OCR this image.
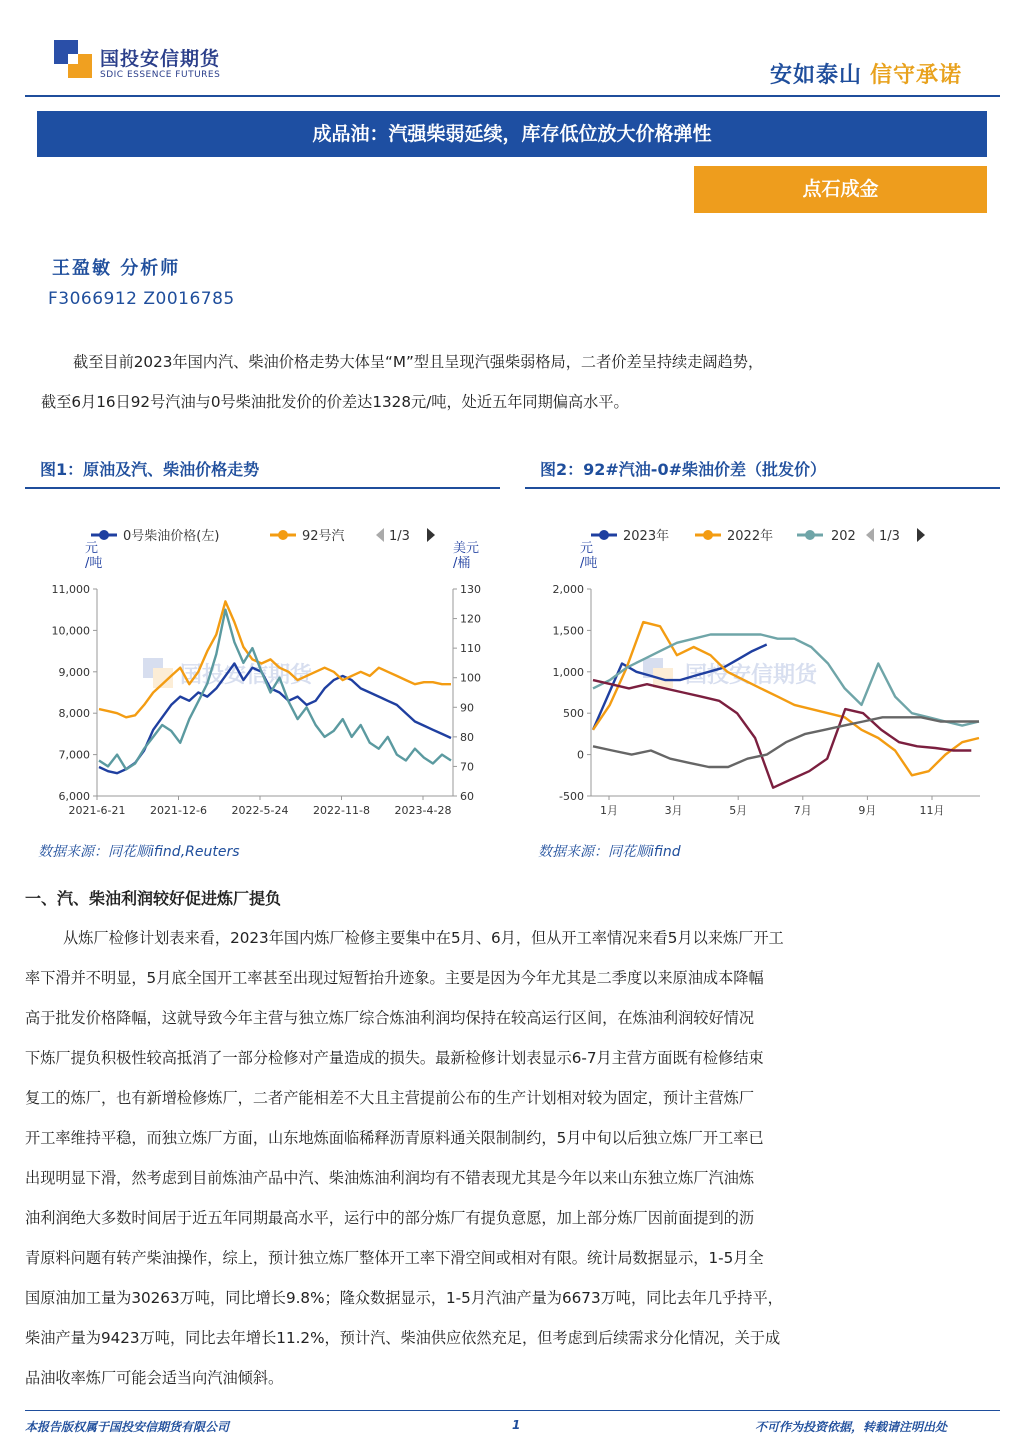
国投安信期货
SDIC ESSENCE FUTURES	安如泰山 信守承诺
成品油：汽强柴弱延续，库存低位放大价格弹性
点石成金
王盈敏 分析师
F3066912 Z0016785
截至目前2023年国内汽、柴油价格走势大体呈“M”型且呈现汽强柴弱格局，二者价差呈持续走阔趋势，
截至6月16日92号汽油与0号柴油批发价的价差达1328元/吨，处近五年同期偏高水平。
图1：原油及汽、柴油价格走势
0号柴油价格(左)	92号汽	1/3
元/吨
美元/桶
国投安信期货
6,000
7,000
8,000
9,000
10,000
11,000
60
70
80
90
100
110
120
130
2021-6-21 2021-12-6 2022-5-24 2022-11-8 2023-4-28
数据来源：同花顺ifind,Reuters
图2：92#汽油-0#柴油价差（批发价）
2023年	2022年	202 1/3
元/吨
国投安信期货
-500
0
500
1,000
1,500
2,000
1月	3月	5月	7月	9月	11月
数据来源：同花顺ifind
一、汽、柴油利润较好促进炼厂提负
从炼厂检修计划表来看，2023年国内炼厂检修主要集中在5月、6月，但从开工率情况来看5月以来炼厂开工
率下滑并不明显，5月底全国开工率甚至出现过短暂抬升迹象。主要是因为今年尤其是二季度以来原油成本降幅
高于批发价格降幅，这就导致今年主营与独立炼厂综合炼油利润均保持在较高运行区间，在炼油利润较好情况
下炼厂提负积极性较高抵消了一部分检修对产量造成的损失。最新检修计划表显示6-7月主营方面既有检修结束
复工的炼厂，也有新增检修炼厂，二者产能相差不大且主营提前公布的生产计划相对较为固定，预计主营炼厂
开工率维持平稳，而独立炼厂方面，山东地炼面临稀释沥青原料通关限制制约，5月中旬以后独立炼厂开工率已
出现明显下滑，然考虑到目前炼油产品中汽、柴油炼油利润均有不错表现尤其是今年以来山东独立炼厂汽油炼
油利润绝大多数时间居于近五年同期最高水平，运行中的部分炼厂有提负意愿，加上部分炼厂因前面提到的沥
青原料问题有转产柴油操作，综上，预计独立炼厂整体开工率下滑空间或相对有限。统计局数据显示，1-5月全
国原油加工量为30263万吨，同比增长9.8%；隆众数据显示，1-5月汽油产量为6673万吨，同比去年几乎持平，
柴油产量为9423万吨，同比去年增长11.2%，预计汽、柴油供应依然充足，但考虑到后续需求分化情况，关于成
品油收率炼厂可能会适当向汽油倾斜。
本报告版权属于国投安信期货有限公司	1	不可作为投资依据，转载请注明出处
